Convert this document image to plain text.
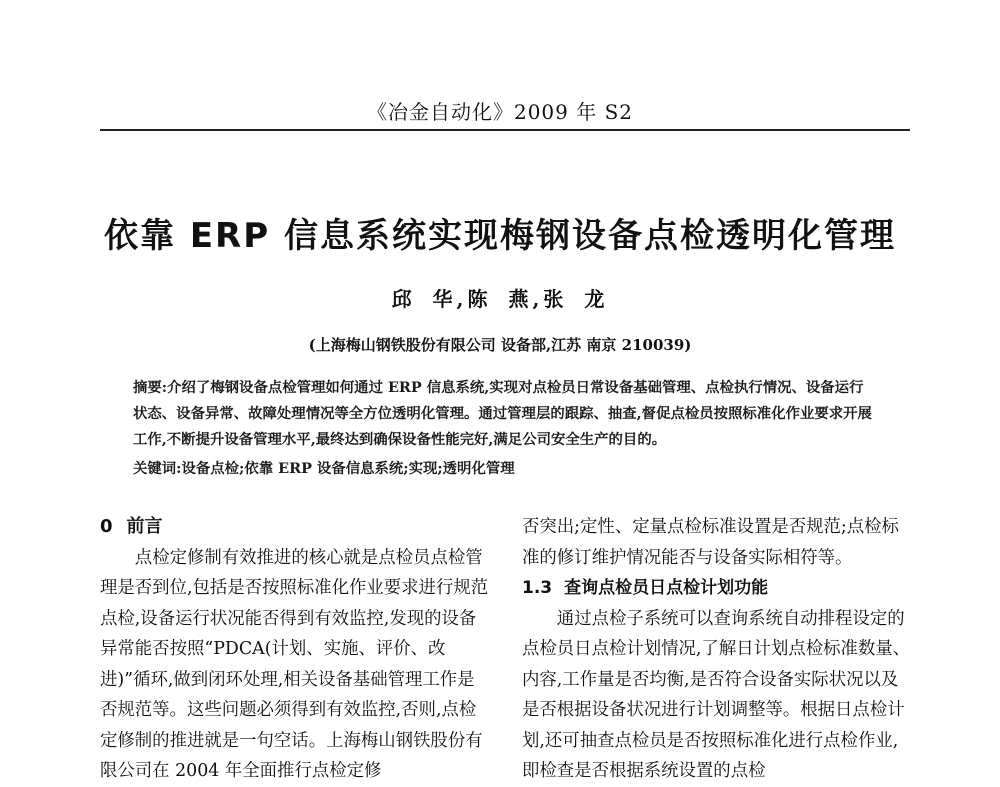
《冶金自动化》2009 年 S2
依靠 ERP 信息系统实现梅钢设备点检透明化管理
邱 华,陈 燕,张 龙
(上海梅山钢铁股份有限公司 设备部,江苏 南京 210039)
摘要:介绍了梅钢设备点检管理如何通过 ERP 信息系统,实现对点检员日常设备基础管理、点检执行情况、设备运行状态、设备异常、故障处理情况等全方位透明化管理。通过管理层的跟踪、抽查,督促点检员按照标准化作业要求开展工作,不断提升设备管理水平,最终达到确保设备性能完好,满足公司安全生产的目的。
关键词:设备点检;依靠 ERP 设备信息系统;实现;透明化管理
0 前言

点检定修制有效推进的核心就是点检员点检管理是否到位,包括是否按照标准化作业要求进行规范点检,设备运行状况能否得到有效监控,发现的设备异常能否按照“PDCA(计划、实施、评价、改进)”循环,做到闭环处理,相关设备基础管理工作是否规范等。这些问题必须得到有效监控,否则,点检定修制的推进就是一句空话。上海梅山钢铁股份有限公司在 2004 年全面推行点检定修

否突出;定性、定量点检标准设置是否规范;点检标准的修订维护情况能否与设备实际相符等。

1.3 查询点检员日点检计划功能

通过点检子系统可以查询系统自动排程设定的点检员日点检计划情况,了解日计划点检标准数量、内容,工作量是否均衡,是否符合设备实际状况以及是否根据设备状况进行计划调整等。根据日点检计划,还可抽查点检员是否按照标准化进行点检作业,即检查是否根据系统设置的点检
